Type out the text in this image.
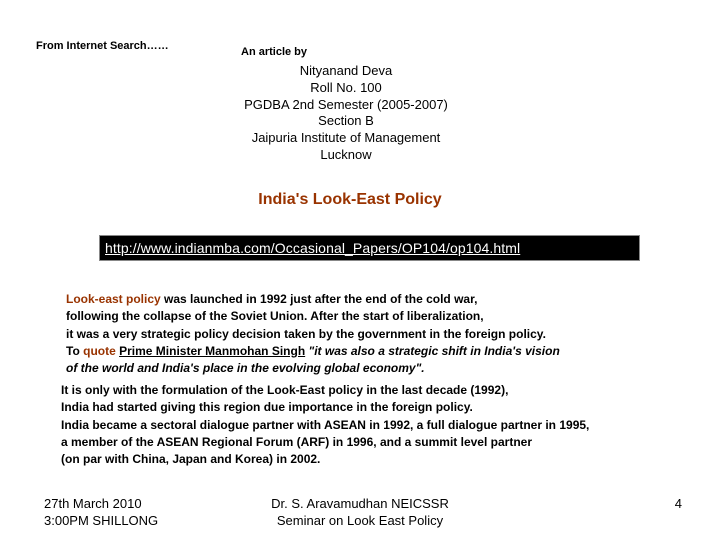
From Internet Search……	An article by
Nityanand Deva
Roll No. 100
PGDBA 2nd Semester (2005-2007)
Section B
Jaipuria Institute of Management
Lucknow
India's Look-East Policy
http://www.indianmba.com/Occasional_Papers/OP104/op104.html
Look-east policy was launched in 1992 just after the end of the cold war,
following the collapse of the Soviet Union. After the start of liberalization,
it was a very strategic policy decision taken by the government in the foreign policy.
To quote Prime Minister Manmohan Singh "it was also a strategic shift in India's vision
of the world and India's place in the evolving global economy".
It is only with the formulation of the Look-East policy in the last decade (1992),
India had started giving this region due importance in the foreign policy.
India became a sectoral dialogue partner with ASEAN in 1992, a full dialogue partner in 1995,
a member of the ASEAN Regional Forum (ARF) in 1996, and a summit level partner
(on par with China, Japan and Korea) in 2002.
27th March 2010
3:00PM SHILLONG
Dr. S. Aravamudhan NEICSSR
Seminar on Look East Policy
4
